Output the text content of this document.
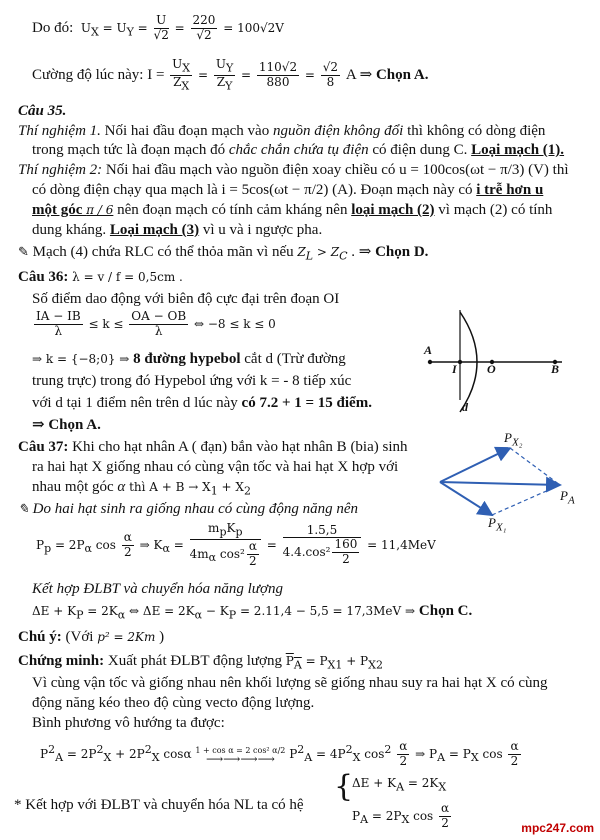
Do đó: $U_X = U_Y = \frac{U}{√2} = \frac{220}{√2} = 100√2V$
Cường độ lúc này: $I = \frac{U_X}{Z_X} = \frac{U_Y}{Z_Y} = \frac{110√2}{880} = \frac{√2}{8}$ A ⇒ Chọn A.
Câu 35.
Thí nghiệm 1. Nối hai đầu đoạn mạch vào nguồn điện không đổi thì không có dòng điện
trong mạch tức là đoạn mạch đó chắc chắn chứa tụ điện có điện dung C. Loại mạch (1).
Thí nghiệm 2: Nối hai đầu mạch vào nguồn điện xoay chiều có u = 100cos(ωt − π/3) (V) thì
có dòng điện chạy qua mạch là i = 5cos(ωt − π/2) (A). Đoạn mạch này có i trễ hơn u
một góc π / 6 nên đoạn mạch có tính cảm kháng nên loại mạch (2) vì mạch (2) có tính
dung kháng. Loại mạch (3) vì u và i ngược pha.
✎ Mạch (4) chứa RLC có thể thỏa mãn vì nếu $Z_L > Z_C$ . ⇒ Chọn D.
Câu 36: λ = v / f = 0,5cm .
Số điểm dao động với biên độ cực đại trên đoạn OI
$\frac{IA - IB}{\lambda} \le k \le \frac{OA - OB}{\lambda}$ ⇔ −8 ≤ k ≤ 0
⇒ k = {−8;0} ⇒ 8 đường hypebol cắt d (Trừ đường
trung trực) trong đó Hypebol ứng với k = - 8 tiếp xúc
với d tại 1 điểm nên trên d lúc này có 7.2 + 1 = 15 điểm.
⇒ Chọn A.
A
I	O	B
d
Câu 37: Khi cho hạt nhân A ( đạn) bắn vào hạt nhân B (bia) sinh
ra hai hạt X giống nhau có cùng vận tốc và hai hạt X hợp với
nhau một góc α thì $A + B \to X_1 + X_2$
✎ Do hai hạt sinh ra giống nhau có cùng động năng nên
$P_p = 2P_\alpha$ $\cos \frac{\alpha}{2}$ ⇒ $K_\alpha = \frac{m_pK_p}{4m_\alpha \cos^2 \frac{\alpha}{2}} = \frac{1.5,5}{4.4.\cos^2 \frac{160}{2}} = 11,4MeV$
Kết hợp ĐLBT và chuyển hóa năng lượng
$\Delta E + K_P = 2K_\alpha$ ⇔ $\Delta E = 2K_\alpha - K_P = 2.11,4 - 5,5 = 17,3MeV$ ⇒ Chọn C.
$P_{X_2}$
$P_A$
$P_{X_1}$
Chú ý: (Với p² = 2Km )
Chứng minh: Xuất phát ĐLBT động lượng $P_A = P_{X1} + P_{X2}$
Vì cùng vận tốc và giống nhau nên khối lượng sẽ giống nhau suy ra hai hạt X có cùng
động năng kéo theo độ cùng vecto động lượng.
Bình phương vô hướng ta được:
$P^2_A = 2P^2_X + 2P^2_X$ cosα 1 + cos α = 2 cos² α/2
⟶⟶⟶⟶	$P^2_A = 4P^2_X$ $\cos^2 \frac{\alpha}{2}$ ⇒ $P_A = P_X$ $\cos \frac{\alpha}{2}$
* Kết hợp với ĐLBT và chuyển hóa NL ta có hệ
{
$\Delta E + K_A = 2K_X$
$P_A = 2P_X$ $\cos \frac{\alpha}{2}$	mpc247.com
